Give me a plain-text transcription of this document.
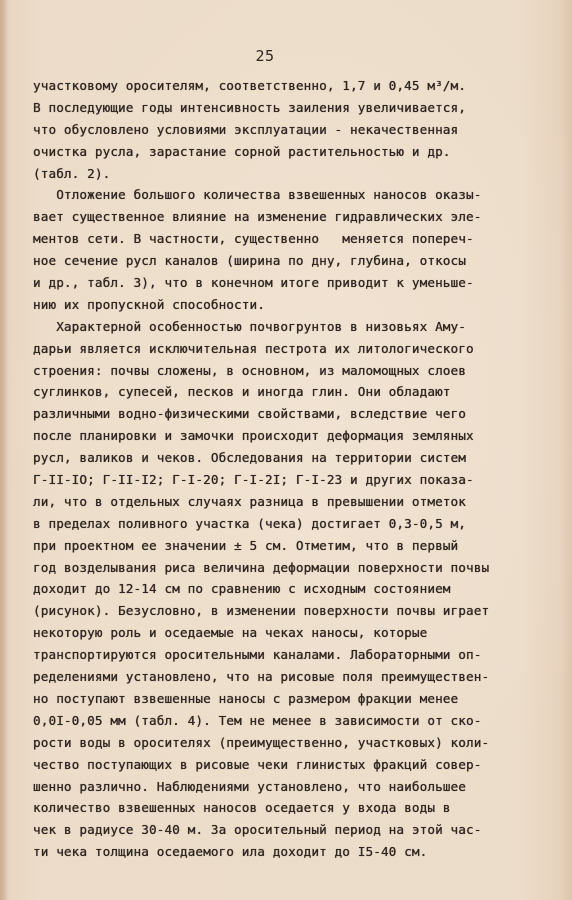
25
участковому оросителям, соответственно, 1,7 и 0,45 м³/м.
В последующие годы интенсивность заиления увеличивается,
что обусловлено условиями эксплуатации - некачественная
очистка русла, зарастание сорной растительностью и др.
(табл. 2).
Отложение большого количества взвешенных наносов оказы-
вает существенное влияние на изменение гидравлических эле-
ментов сети. В частности, существенно   меняется попереч-
ное сечение русл каналов (ширина по дну, глубина, откосы
и др., табл. 3), что в конечном итоге приводит к уменьше-
нию их пропускной способности.
Характерной особенностью почвогрунтов в низовьях Аму-
дарьи является исключительная пестрота их литологического
строения: почвы сложены, в основном, из маломощных слоев
суглинков, супесей, песков и иногда глин. Они обладают
различными водно-физическими свойствами, вследствие чего
после планировки и замочки происходит деформация земляных
русл, валиков и чеков. Обследования на территории систем
Г-II-IO; Г-II-I2; Г-I-20; Г-I-2I; Г-I-23 и других показа-
ли, что в отдельных случаях разница в превышении отметок
в пределах поливного участка (чека) достигает 0,3-0,5 м,
при проектном ее значении ± 5 см. Отметим, что в первый
год возделывания риса величина деформации поверхности почвы
доходит до 12-14 см по сравнению с исходным состоянием
(рисунок). Безусловно, в изменении поверхности почвы играет
некоторую роль и оседаемые на чеках наносы, которые
транспортируются оросительными каналами. Лабораторными оп-
ределениями установлено, что на рисовые поля преимуществен-
но поступают взвешенные наносы с размером фракции менее
0,0I-0,05 мм (табл. 4). Тем не менее в зависимости от ско-
рости воды в оросителях (преимущественно, участковых) коли-
чество поступающих в рисовые чеки глинистых фракций совер-
шенно различно. Наблюдениями установлено, что наибольшее
количество взвешенных наносов оседается у входа воды в
чек в радиусе 30-40 м. За оросительный период на этой час-
ти чека толщина оседаемого ила доходит до I5-40 см.
